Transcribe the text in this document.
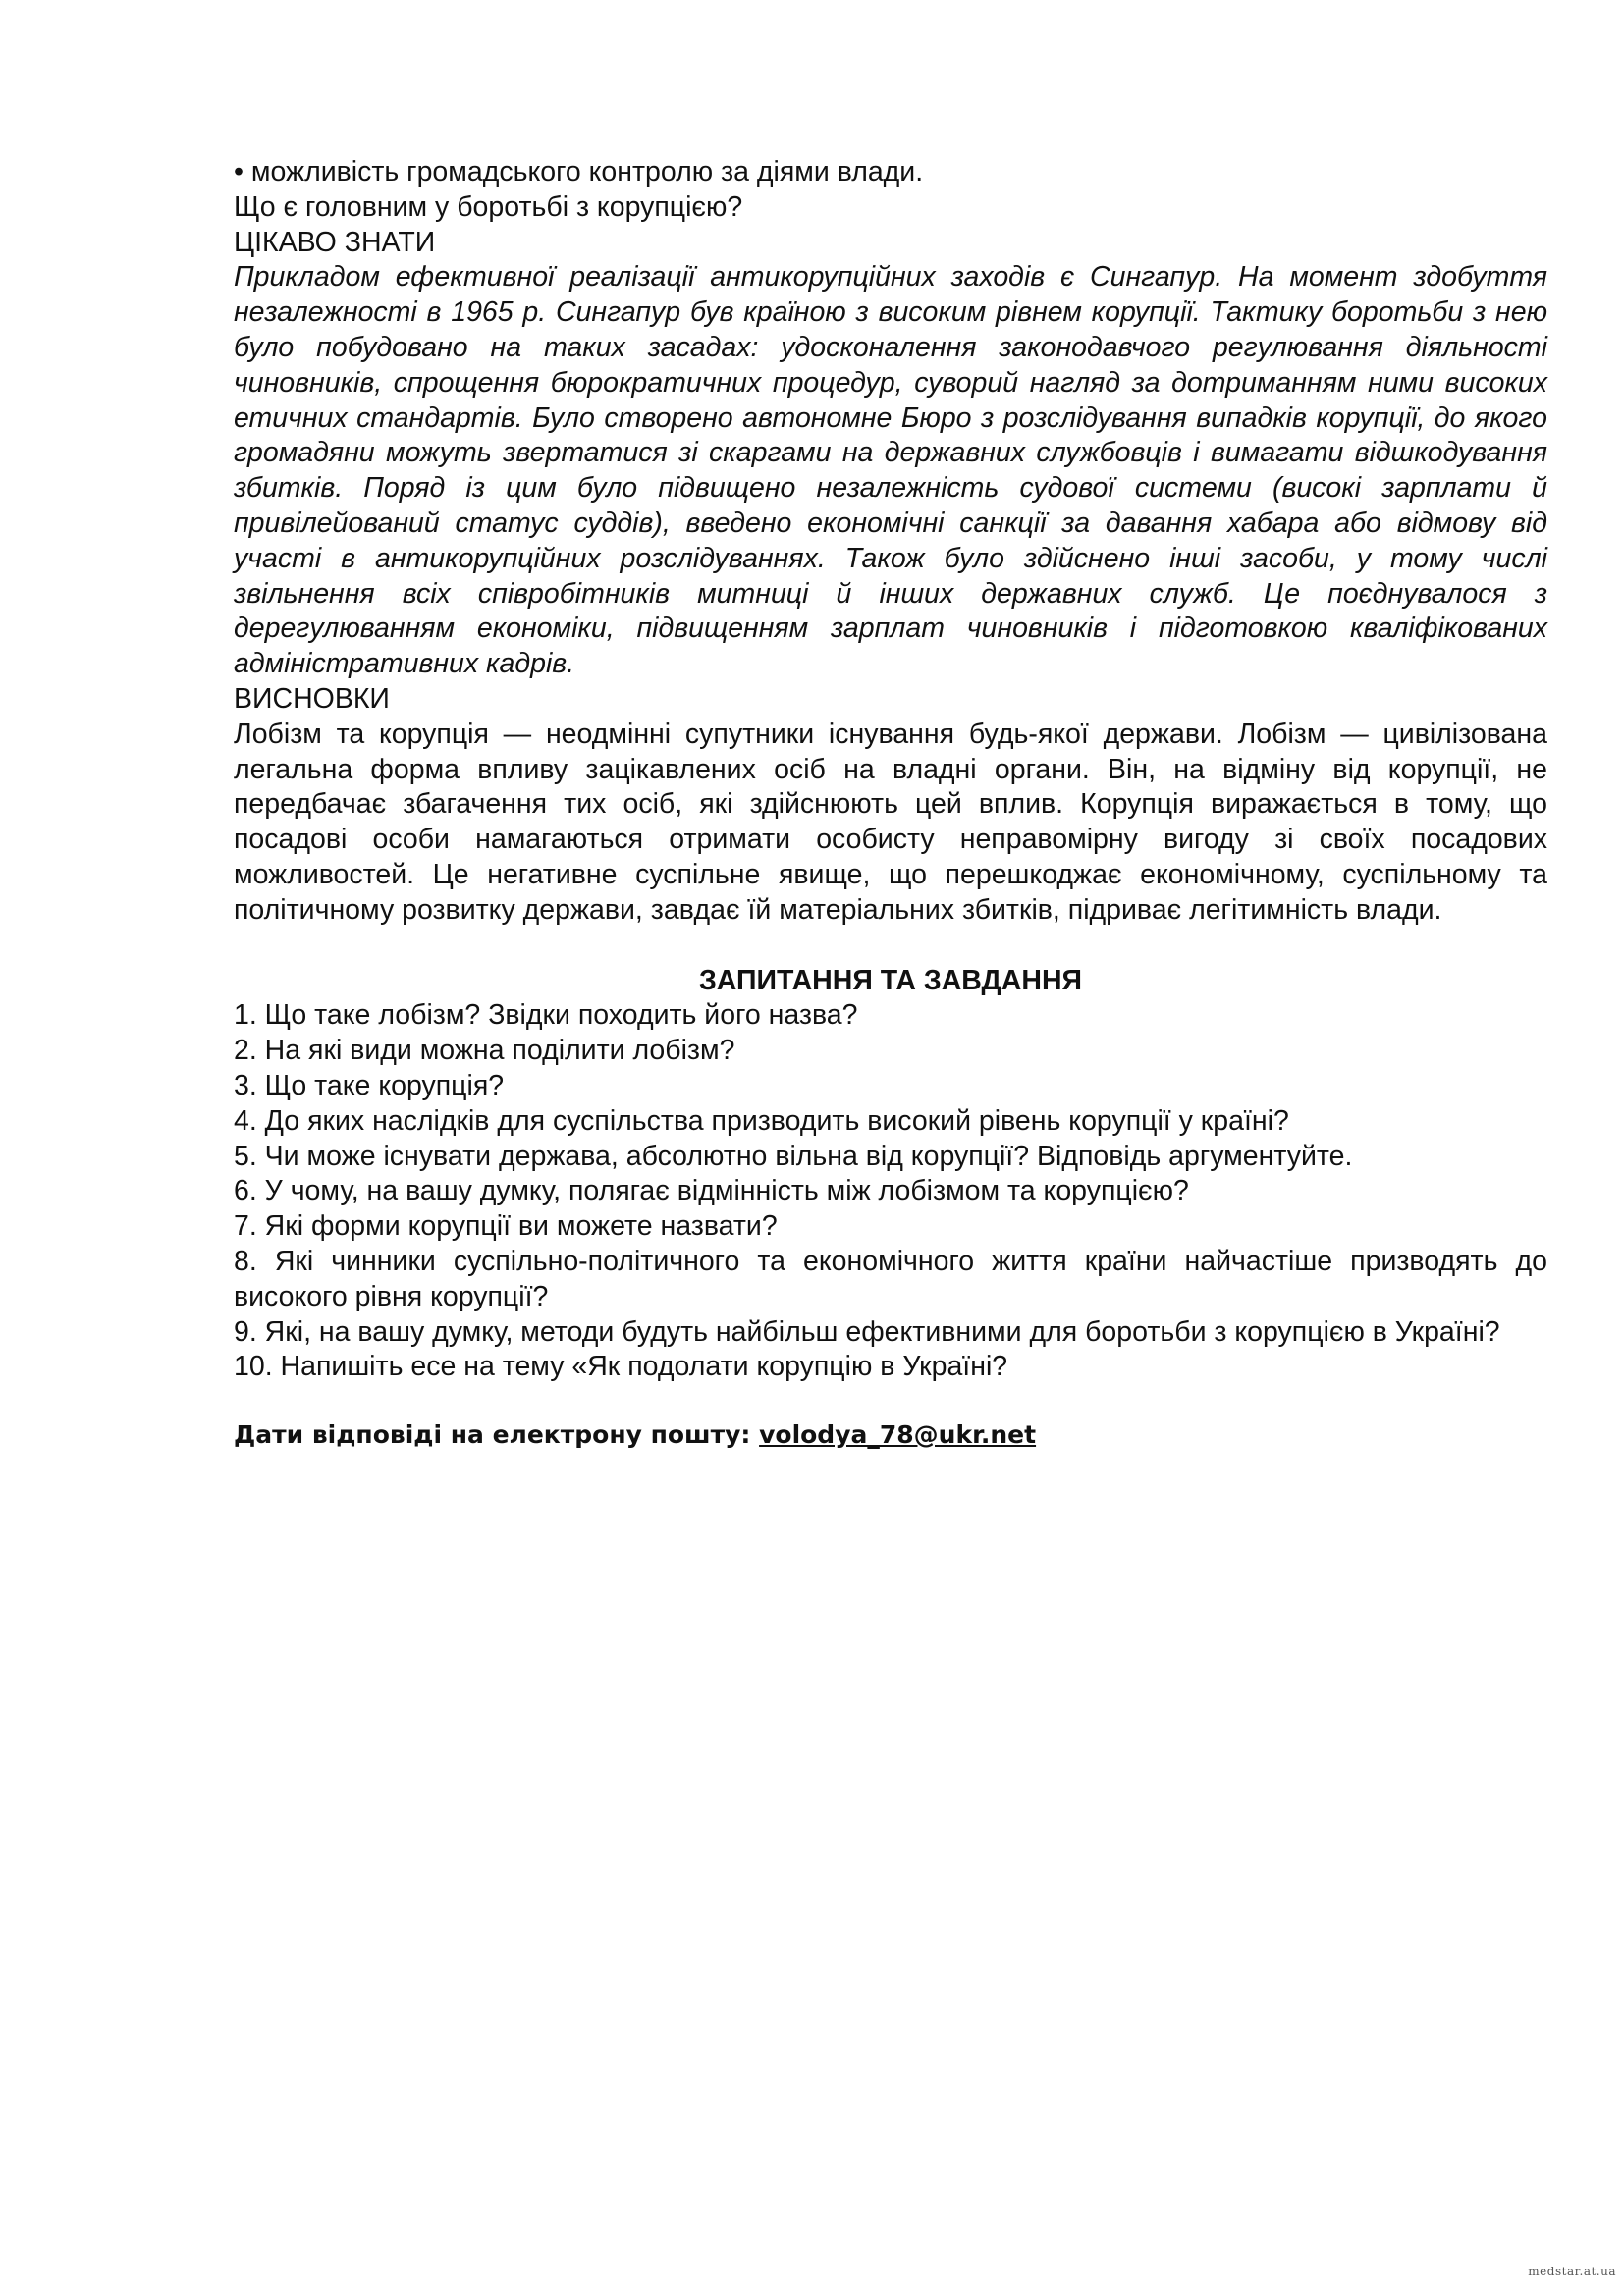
• можливість громадського контролю за діями влади.
Що є головним у боротьбі з корупцією?
ЦІКАВО ЗНАТИ
Прикладом ефективної реалізації антикорупційних заходів є Сингапур. На момент здобуття незалежності в 1965 р. Сингапур був країною з високим рівнем корупції. Тактику боротьби з нею було побудовано на таких засадах: удосконалення законодавчого регулювання діяльності чиновників, спрощення бюрократичних процедур, суворий нагляд за дотриманням ними високих етичних стандартів. Було створено автономне Бюро з розслідування випадків корупції, до якого громадяни можуть звертатися зі скаргами на державних службовців і вимагати відшкодування збитків. Поряд із цим було підвищено незалежність судової системи (високі зарплати й привілейований статус суддів), введено економічні санкції за давання хабара або відмову від участі в антикорупційних розслідуваннях. Також було здійснено інші засоби, у тому числі звільнення всіх співробітників митниці й інших державних служб. Це поєднувалося з дерегулюванням економіки, підвищенням зарплат чиновників і підготовкою кваліфікованих адміністративних кадрів.
ВИСНОВКИ
Лобізм та корупція — неодмінні супутники існування будь-якої держави. Лобізм — цивілізована легальна форма впливу зацікавлених осіб на владні органи. Він, на відміну від корупції, не передбачає збагачення тих осіб, які здійснюють цей вплив. Корупція виражається в тому, що посадові особи намагаються отримати особисту неправомірну вигоду зі своїх посадових можливостей. Це негативне суспільне явище, що перешкоджає економічному, суспільному та політичному розвитку держави, завдає їй матеріальних збитків, підриває легітимність влади.
ЗАПИТАННЯ ТА ЗАВДАННЯ
1. Що таке лобізм? Звідки походить його назва?
2. На які види можна поділити лобізм?
3. Що таке корупція?
4. До яких наслідків для суспільства призводить високий рівень корупції у країні?
5. Чи може існувати держава, абсолютно вільна від корупції? Відповідь аргументуйте.
6. У чому, на вашу думку, полягає відмінність між лобізмом та корупцією?
7. Які форми корупції ви можете назвати?
8. Які чинники суспільно-політичного та економічного життя країни найчастіше призводять до високого рівня корупції?
9. Які, на вашу думку, методи будуть найбільш ефективними для боротьби з корупцією в Україні?
10. Напишіть есе на тему «Як подолати корупцію в Україні?
Дати відповіді на електрону пошту: volodya_78@ukr.net
medstar.at.ua
